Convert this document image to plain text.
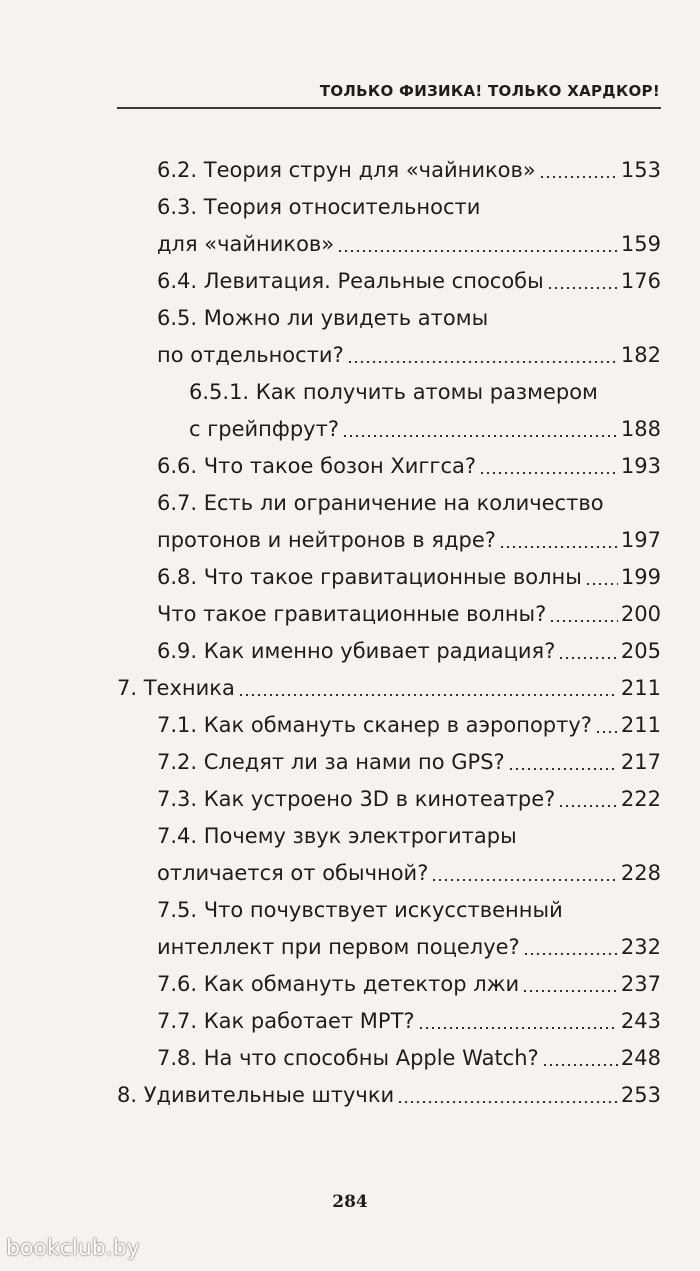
ТОЛЬКО ФИЗИКА! ТОЛЬКО ХАРДКОР!
6.2. Теория струн для «чайников»	153
6.3. Теория относительности
для «чайников»	159
6.4. Левитация. Реальные способы	176
6.5. Можно ли увидеть атомы
по отдельности?	182
6.5.1. Как получить атомы размером
с грейпфрут?	188
6.6. Что такое бозон Хиггса?	193
6.7. Есть ли ограничение на количество
протонов и нейтронов в ядре?	197
6.8. Что такое гравитационные волны 199
Что такое гравитационные волны?	200
6.9. Как именно убивает радиация?	205
7. Техника	211
7.1. Как обмануть сканер в аэропорту? 211
7.2. Следят ли за нами по GPS?	217
7.3. Как устроено 3D в кинотеатре?	222
7.4. Почему звук электрогитары
отличается от обычной?	228
7.5. Что почувствует искусственный
интеллект при первом поцелуе?	232
7.6. Как обмануть детектор лжи	237
7.7. Как работает МРТ?	243
7.8. На что способны Apple Watch?	248
8. Удивительные штучки	253
284
bookclub.by
